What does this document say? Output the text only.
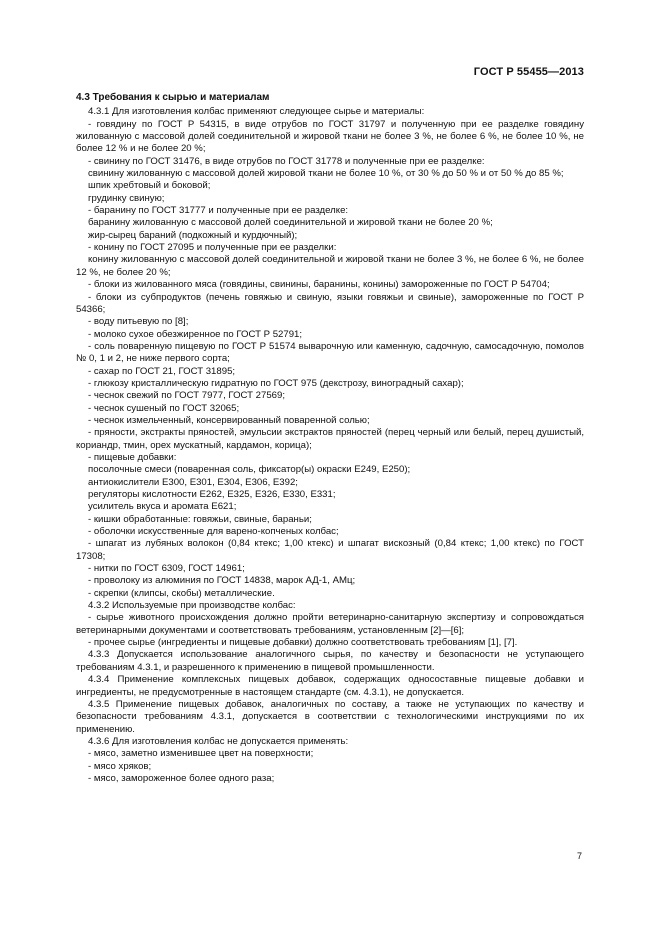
ГОСТ Р 55455—2013
4.3 Требования к сырью и материалам
4.3.1 Для изготовления колбас применяют следующее сырье и материалы:
- говядину по ГОСТ Р 54315, в виде отрубов по ГОСТ 31797 и полученную при ее разделке говядину жилованную с массовой долей соединительной и жировой ткани не более 3 %, не более 6 %, не более 10 %, не более 12 % и не более 20 %;
- свинину по ГОСТ 31476, в виде отрубов по ГОСТ 31778 и полученные при ее разделке:
свинину жилованную с массовой долей жировой ткани не более 10 %, от 30 % до 50 % и от 50 % до 85 %;
шпик хребтовый и боковой;
грудинку свиную;
- баранину по ГОСТ 31777 и полученные при ее разделке:
баранину жилованную с массовой долей соединительной и жировой ткани не более 20 %;
жир-сырец бараний (подкожный и курдючный);
- конину по ГОСТ 27095 и полученные при ее разделки:
конину жилованную с массовой долей соединительной и жировой ткани не более 3 %, не более 6 %, не более 12 %, не более 20 %;
- блоки из жилованного мяса (говядины, свинины, баранины, конины) замороженные по ГОСТ Р 54704;
- блоки из субпродуктов (печень говяжью и свиную, языки говяжьи и свиные), замороженные по ГОСТ Р 54366;
- воду питьевую по [8];
- молоко сухое обезжиренное по ГОСТ Р 52791;
- соль поваренную пищевую по ГОСТ Р 51574 выварочную или каменную, садочную, самосадочную, помолов № 0, 1 и 2, не ниже первого сорта;
- сахар по ГОСТ 21, ГОСТ 31895;
- глюкозу кристаллическую гидратную по ГОСТ 975 (декстрозу, виноградный сахар);
- чеснок свежий по ГОСТ 7977, ГОСТ 27569;
- чеснок сушеный по ГОСТ 32065;
- чеснок измельченный, консервированный поваренной солью;
- пряности, экстракты пряностей, эмульсии экстрактов пряностей (перец черный или белый, перец душистый, кориандр, тмин, орех мускатный, кардамон, корица);
- пищевые добавки:
посолочные смеси (поваренная соль, фиксатор(ы) окраски Е249, Е250);
антиокислители Е300, Е301, Е304, Е306, Е392;
регуляторы кислотности Е262, Е325, Е326, Е330, Е331;
усилитель вкуса и аромата Е621;
- кишки обработанные: говяжьи, свиные, бараньи;
- оболочки искусственные для варено-копченых колбас;
- шпагат из лубяных волокон (0,84 ктекс; 1,00 ктекс) и шпагат вискозный (0,84 ктекс; 1,00 ктекс) по ГОСТ 17308;
- нитки по ГОСТ 6309, ГОСТ 14961;
- проволоку из алюминия по ГОСТ 14838, марок АД-1, АМц;
- скрепки (клипсы, скобы) металлические.
4.3.2 Используемые при производстве колбас:
- сырье животного происхождения должно пройти ветеринарно-санитарную экспертизу и сопровождаться ветеринарными документами и соответствовать требованиям, установленным [2]—[6];
- прочее сырье (ингредиенты и пищевые добавки) должно соответствовать требованиям [1], [7].
4.3.3 Допускается использование аналогичного сырья, по качеству и безопасности не уступающего требованиям 4.3.1, и разрешенного к применению в пищевой промышленности.
4.3.4 Применение комплексных пищевых добавок, содержащих односоставные пищевые добавки и ингредиенты, не предусмотренные в настоящем стандарте (см. 4.3.1), не допускается.
4.3.5 Применение пищевых добавок, аналогичных по составу, а также не уступающих по качеству и безопасности требованиям 4.3.1, допускается в соответствии с технологическими инструкциями по их применению.
4.3.6 Для изготовления колбас не допускается применять:
- мясо, заметно изменившее цвет на поверхности;
- мясо хряков;
- мясо, замороженное более одного раза;
7
